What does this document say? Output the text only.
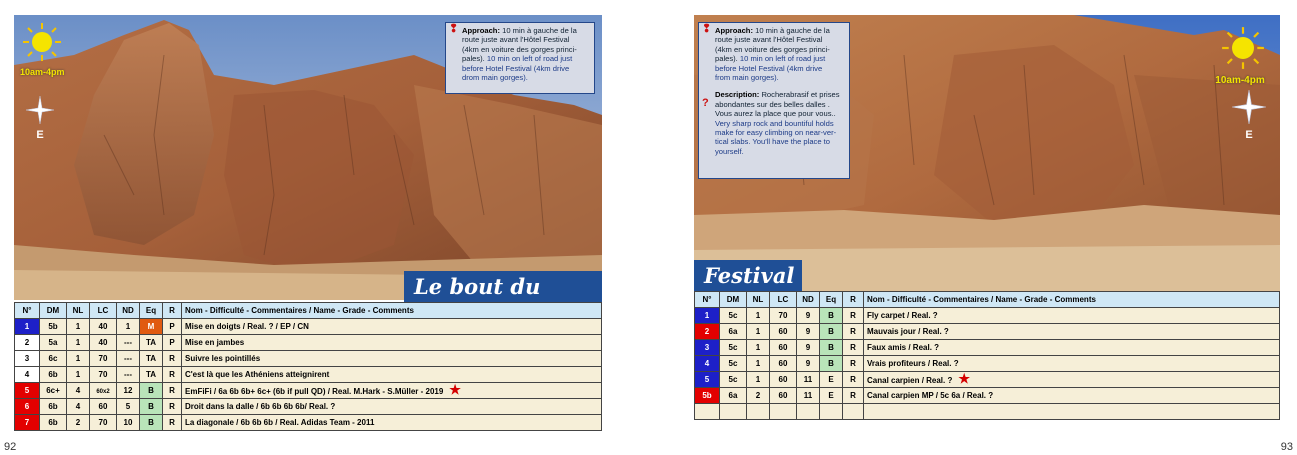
10am-4pm
E
❢ Approach: 10 min à gauche de la
route juste avant l'Hôtel Festival
(4km en voiture des gorges princi-
pales). 10 min on left of road just
before Hotel Festival (4km drive
drom main gorges).
Le bout du
N°	DM	NL	LC	ND	Eq	R	Nom - Difficulté - Commentaires / Name - Grade - Comments
1	5b	1	40	1	M	P	Mise en doigts / Real. ? / EP / CN
2	5a	1	40	---	TA	P	Mise en jambes
3	6c	1	70	---	TA	R	Suivre les pointillés
4	6b	1	70	---	TA	R	C'est là que les Athéniens atteignirent
5	6c+	4	60x2	12	B	R	EmFiFi / 6a 6b 6b+ 6c+ (6b if pull QD) / Real. M.Hark - S.Müller - 2019 ★
6	6b	4	60	5	B	R	Droit dans la dalle / 6b 6b 6b 6b/ Real. ?
7	6b	2	70	10	B	R	La diagonale / 6b 6b 6b / Real. Adidas Team - 2011
92
❢ Approach: 10 min à gauche de la
route juste avant l'Hôtel Festival
(4km en voiture des gorges princi-
pales). 10 min on left of road just
before Hotel Festival (4km drive
from main gorges).
?
Description: Rocherabrasif et prises
abondantes sur des belles dalles .
Vous aurez la place que pour vous..
Very sharp rock and bountiful holds
make for easy climbing on near-ver-
tical slabs. You'll have the place to
yourself.
10am-4pm
E
Festival
N°	DM	NL	LC	ND	Eq	R	Nom - Difficulté - Commentaires / Name - Grade - Comments
1	5c	1	70	9	B	R	Fly carpet / Real. ?
2	6a	1	60	9	B	R	Mauvais jour / Real. ?
3	5c	1	60	9	B	R	Faux amis / Real. ?
4	5c	1	60	9	B	R	Vrais profiteurs / Real. ?
5	5c	1	60	11	E	R	Canal carpien / Real. ? ★
5b	6a	2	60	11	E	R	Canal carpien MP / 5c 6a / Real. ?

93
